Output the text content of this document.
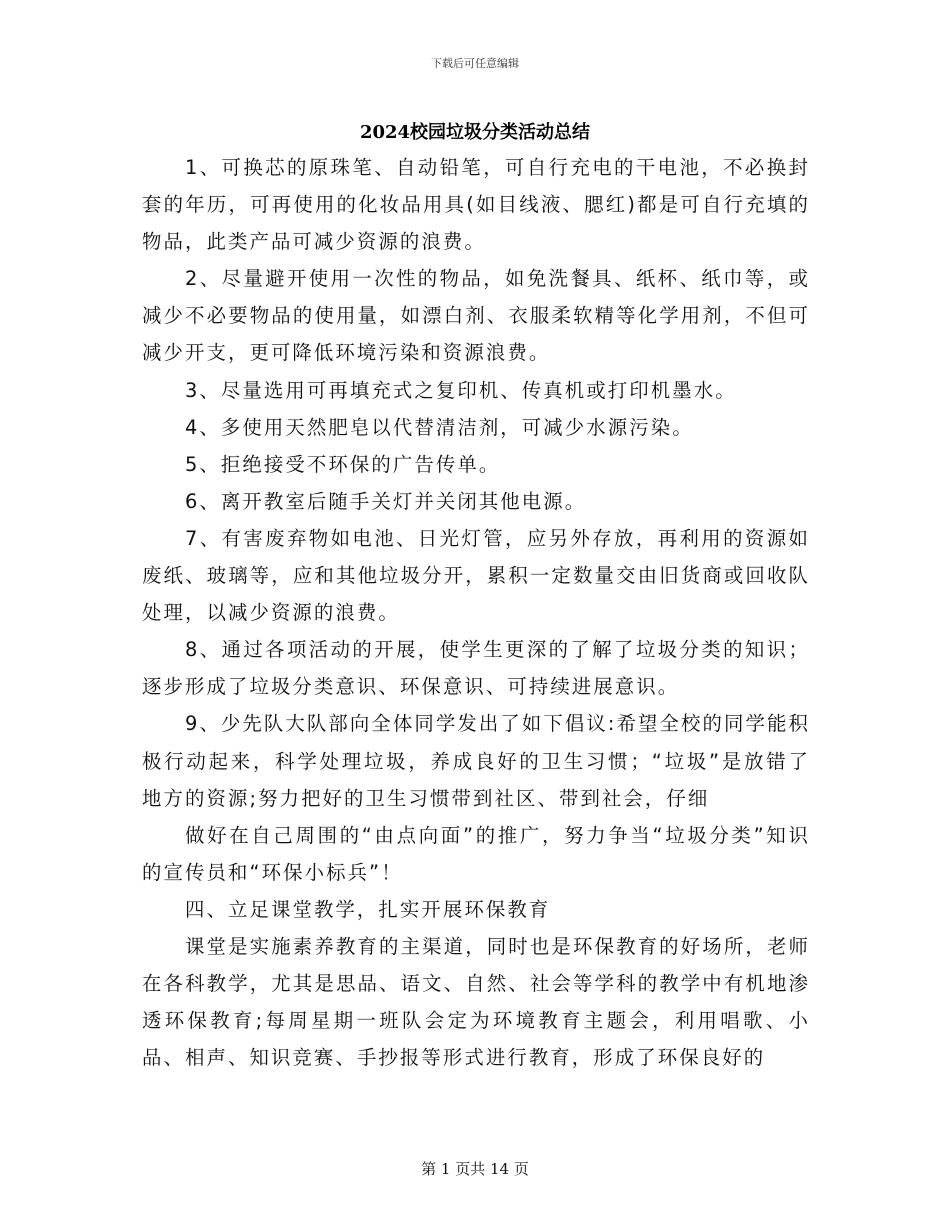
下载后可任意编辑
2024校园垃圾分类活动总结

1、可换芯的原珠笔、自动铅笔，可自行充电的干电池，不必换封套的年历，可再使用的化妆品用具(如目线液、腮红)都是可自行充填的物品，此类产品可减少资源的浪费。

2、尽量避开使用一次性的物品，如免洗餐具、纸杯、纸巾等，或减少不必要物品的使用量，如漂白剂、衣服柔软精等化学用剂，不但可减少开支，更可降低环境污染和资源浪费。

3、尽量选用可再填充式之复印机、传真机或打印机墨水。

4、多使用天然肥皂以代替清洁剂，可减少水源污染。

5、拒绝接受不环保的广告传单。

6、离开教室后随手关灯并关闭其他电源。

7、有害废弃物如电池、日光灯管，应另外存放，再利用的资源如废纸、玻璃等，应和其他垃圾分开，累积一定数量交由旧货商或回收队处理，以减少资源的浪费。

8、通过各项活动的开展，使学生更深的了解了垃圾分类的知识；逐步形成了垃圾分类意识、环保意识、可持续进展意识。

9、少先队大队部向全体同学发出了如下倡议:希望全校的同学能积极行动起来，科学处理垃圾，养成良好的卫生习惯；“垃圾”是放错了地方的资源;努力把好的卫生习惯带到社区、带到社会，仔细

做好在自己周围的“由点向面”的推广，努力争当“垃圾分类”知识的宣传员和“环保小标兵”！

四、立足课堂教学，扎实开展环保教育

课堂是实施素养教育的主渠道，同时也是环保教育的好场所，老师在各科教学，尤其是思品、语文、自然、社会等学科的教学中有机地渗透环保教育;每周星期一班队会定为环境教育主题会，利用唱歌、小品、相声、知识竞赛、手抄报等形式进行教育，形成了环保良好的

第 1 页共 14 页
